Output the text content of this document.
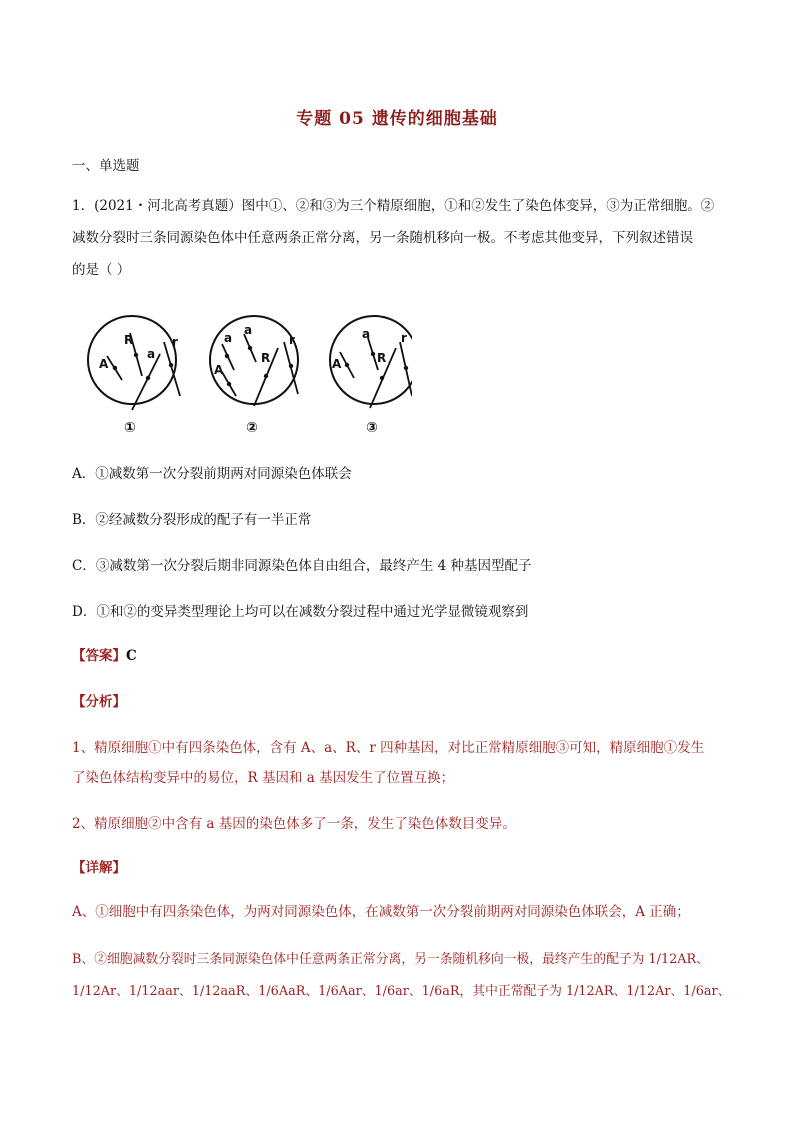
专题 05 遗传的细胞基础
一、单选题
1．(2021・河北高考真题）图中①、②和③为三个精原细胞，①和②发生了染色体变异，③为正常细胞。②
减数分裂时三条同源染色体中任意两条正常分离，另一条随机移向一极。不考虑其他变异，下列叙述错误
的是（ ）
R
A
a
r
①
a
a
A
R
r
②
a
A	R
r
③
A．①减数第一次分裂前期两对同源染色体联会
B．②经减数分裂形成的配子有一半正常
C．③减数第一次分裂后期非同源染色体自由组合，最终产生 4 种基因型配子
D．①和②的变异类型理论上均可以在减数分裂过程中通过光学显微镜观察到
【答案】C
【分析】
1、精原细胞①中有四条染色体，含有 A、a、R、r 四种基因，对比正常精原细胞③可知，精原细胞①发生
了染色体结构变异中的易位，R 基因和 a 基因发生了位置互换；
2、精原细胞②中含有 a 基因的染色体多了一条，发生了染色体数目变异。
【详解】
A、①细胞中有四条染色体，为两对同源染色体，在减数第一次分裂前期两对同源染色体联会，A 正确；
B、②细胞减数分裂时三条同源染色体中任意两条正常分离，另一条随机移向一极，最终产生的配子为 1/12AR、
1/12Ar、1/12aar、1/12aaR、1/6AaR、1/6Aar、1/6ar、1/6aR，其中正常配子为 1/12AR、1/12Ar、1/6ar、
